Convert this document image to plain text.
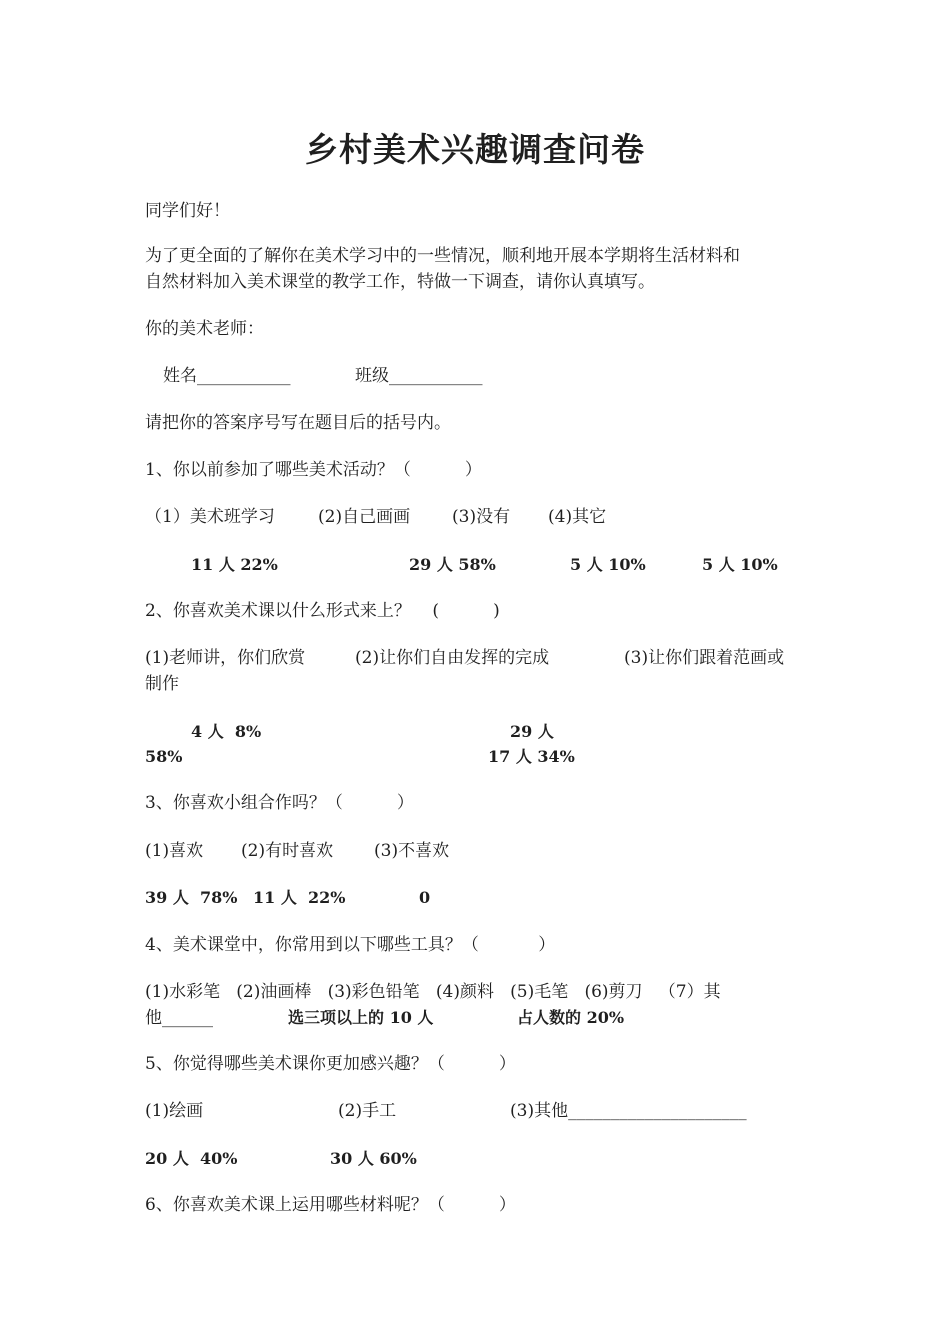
乡村美术兴趣调查问卷
同学们好！
为了更全面的了解你在美术学习中的一些情况，顺利地开展本学期将生活材料和
自然材料加入美术课堂的教学工作，特做一下调查，请你认真填写。
你的美术老师：
姓名___________	班级___________
请把你的答案序号写在题目后的括号内。
1、你以前参加了哪些美术活动？（          ）
（1）美术班学习	(2)自己画画 (3)没有 (4)其它
11 人 22%	29 人 58%	5 人 10%	5 人 10%
2、你喜欢美术课以什么形式来上？    (          )
(1)老师讲，你们欣赏	(2)让你们自由发挥的完成	(3)让你们跟着范画或
制作
4 人  8%	29 人
58%	17 人 34%
3、你喜欢小组合作吗？（          ）
(1)喜欢 (2)有时喜欢 (3)不喜欢
39 人  78% 11 人  22%	0
4、美术课堂中，你常用到以下哪些工具？（           ）
(1)水彩笔   (2)油画棒   (3)彩色铅笔   (4)颜料   (5)毛笔   (6)剪刀   （7）其
他______	选三项以上的 10 人	占人数的 20%
5、你觉得哪些美术课你更加感兴趣？（          ）
(1)绘画	(2)手工	(3)其他_____________________
20 人  40%	30 人 60%
6、你喜欢美术课上运用哪些材料呢？（          ）
